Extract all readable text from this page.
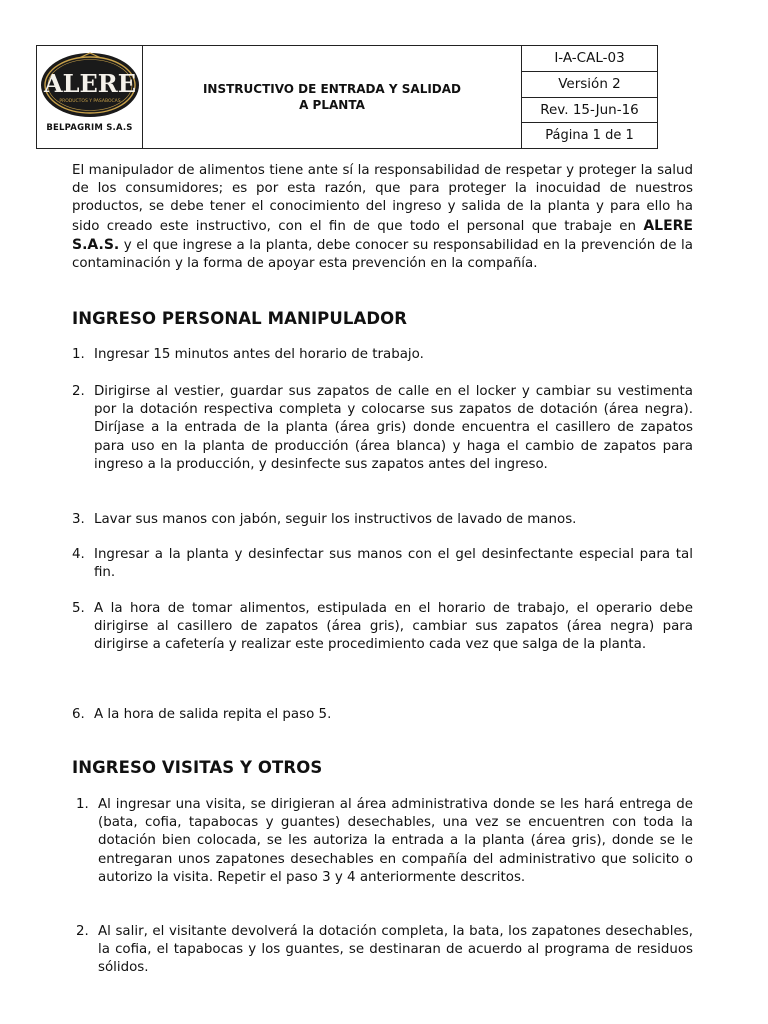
ALERE
PRODUCTOS Y PASABOCAS
BELPAGRIM S.A.S
INSTRUCTIVO DE ENTRADA Y SALIDAD
A PLANTA
I-A-CAL-03
Versión 2
Rev. 15-Jun-16
Página 1 de 1

El manipulador de alimentos tiene ante sí la responsabilidad de respetar y proteger la salud de los consumidores; es por esta razón, que para proteger la inocuidad de nuestros productos, se debe tener el conocimiento del ingreso y salida de la planta y para ello ha sido creado este instructivo, con el fin de que todo el personal que trabaje en ALERE S.A.S. y el que ingrese a la planta, debe conocer su responsabilidad en la prevención de la contaminación y la forma de apoyar esta prevención en la compañía.

INGRESO PERSONAL MANIPULADOR
1. Ingresar 15 minutos antes del horario de trabajo.
2. Dirigirse al vestier, guardar sus zapatos de calle en el locker y cambiar su vestimenta por la dotación respectiva completa y colocarse sus zapatos de dotación (área negra). Diríjase a la entrada de la planta (área gris) donde encuentra el casillero de zapatos para uso en la planta de producción (área blanca) y haga el cambio de zapatos para ingreso a la producción, y desinfecte sus zapatos antes del ingreso.
3. Lavar sus manos con jabón, seguir los instructivos de lavado de manos.
4. Ingresar a la planta y desinfectar sus manos con el gel desinfectante especial para tal fin.
5. A la hora de tomar alimentos, estipulada en el horario de trabajo, el operario debe dirigirse al casillero de zapatos (área gris), cambiar sus zapatos (área negra) para dirigirse a cafetería y realizar este procedimiento cada vez que salga de la planta.
6. A la hora de salida repita el paso 5.
INGRESO VISITAS Y OTROS
1. Al ingresar una visita, se dirigieran al área administrativa donde se les hará entrega de (bata, cofia, tapabocas y guantes) desechables, una vez se encuentren con toda la dotación bien colocada, se les autoriza la entrada a la planta (área gris), donde se le entregaran unos zapatones desechables en compañía del administrativo que solicito o autorizo la visita. Repetir el paso 3 y 4 anteriormente descritos.
2. Al salir, el visitante devolverá la dotación completa, la bata, los zapatones desechables, la cofia, el tapabocas y los guantes, se destinaran de acuerdo al programa de residuos sólidos.
